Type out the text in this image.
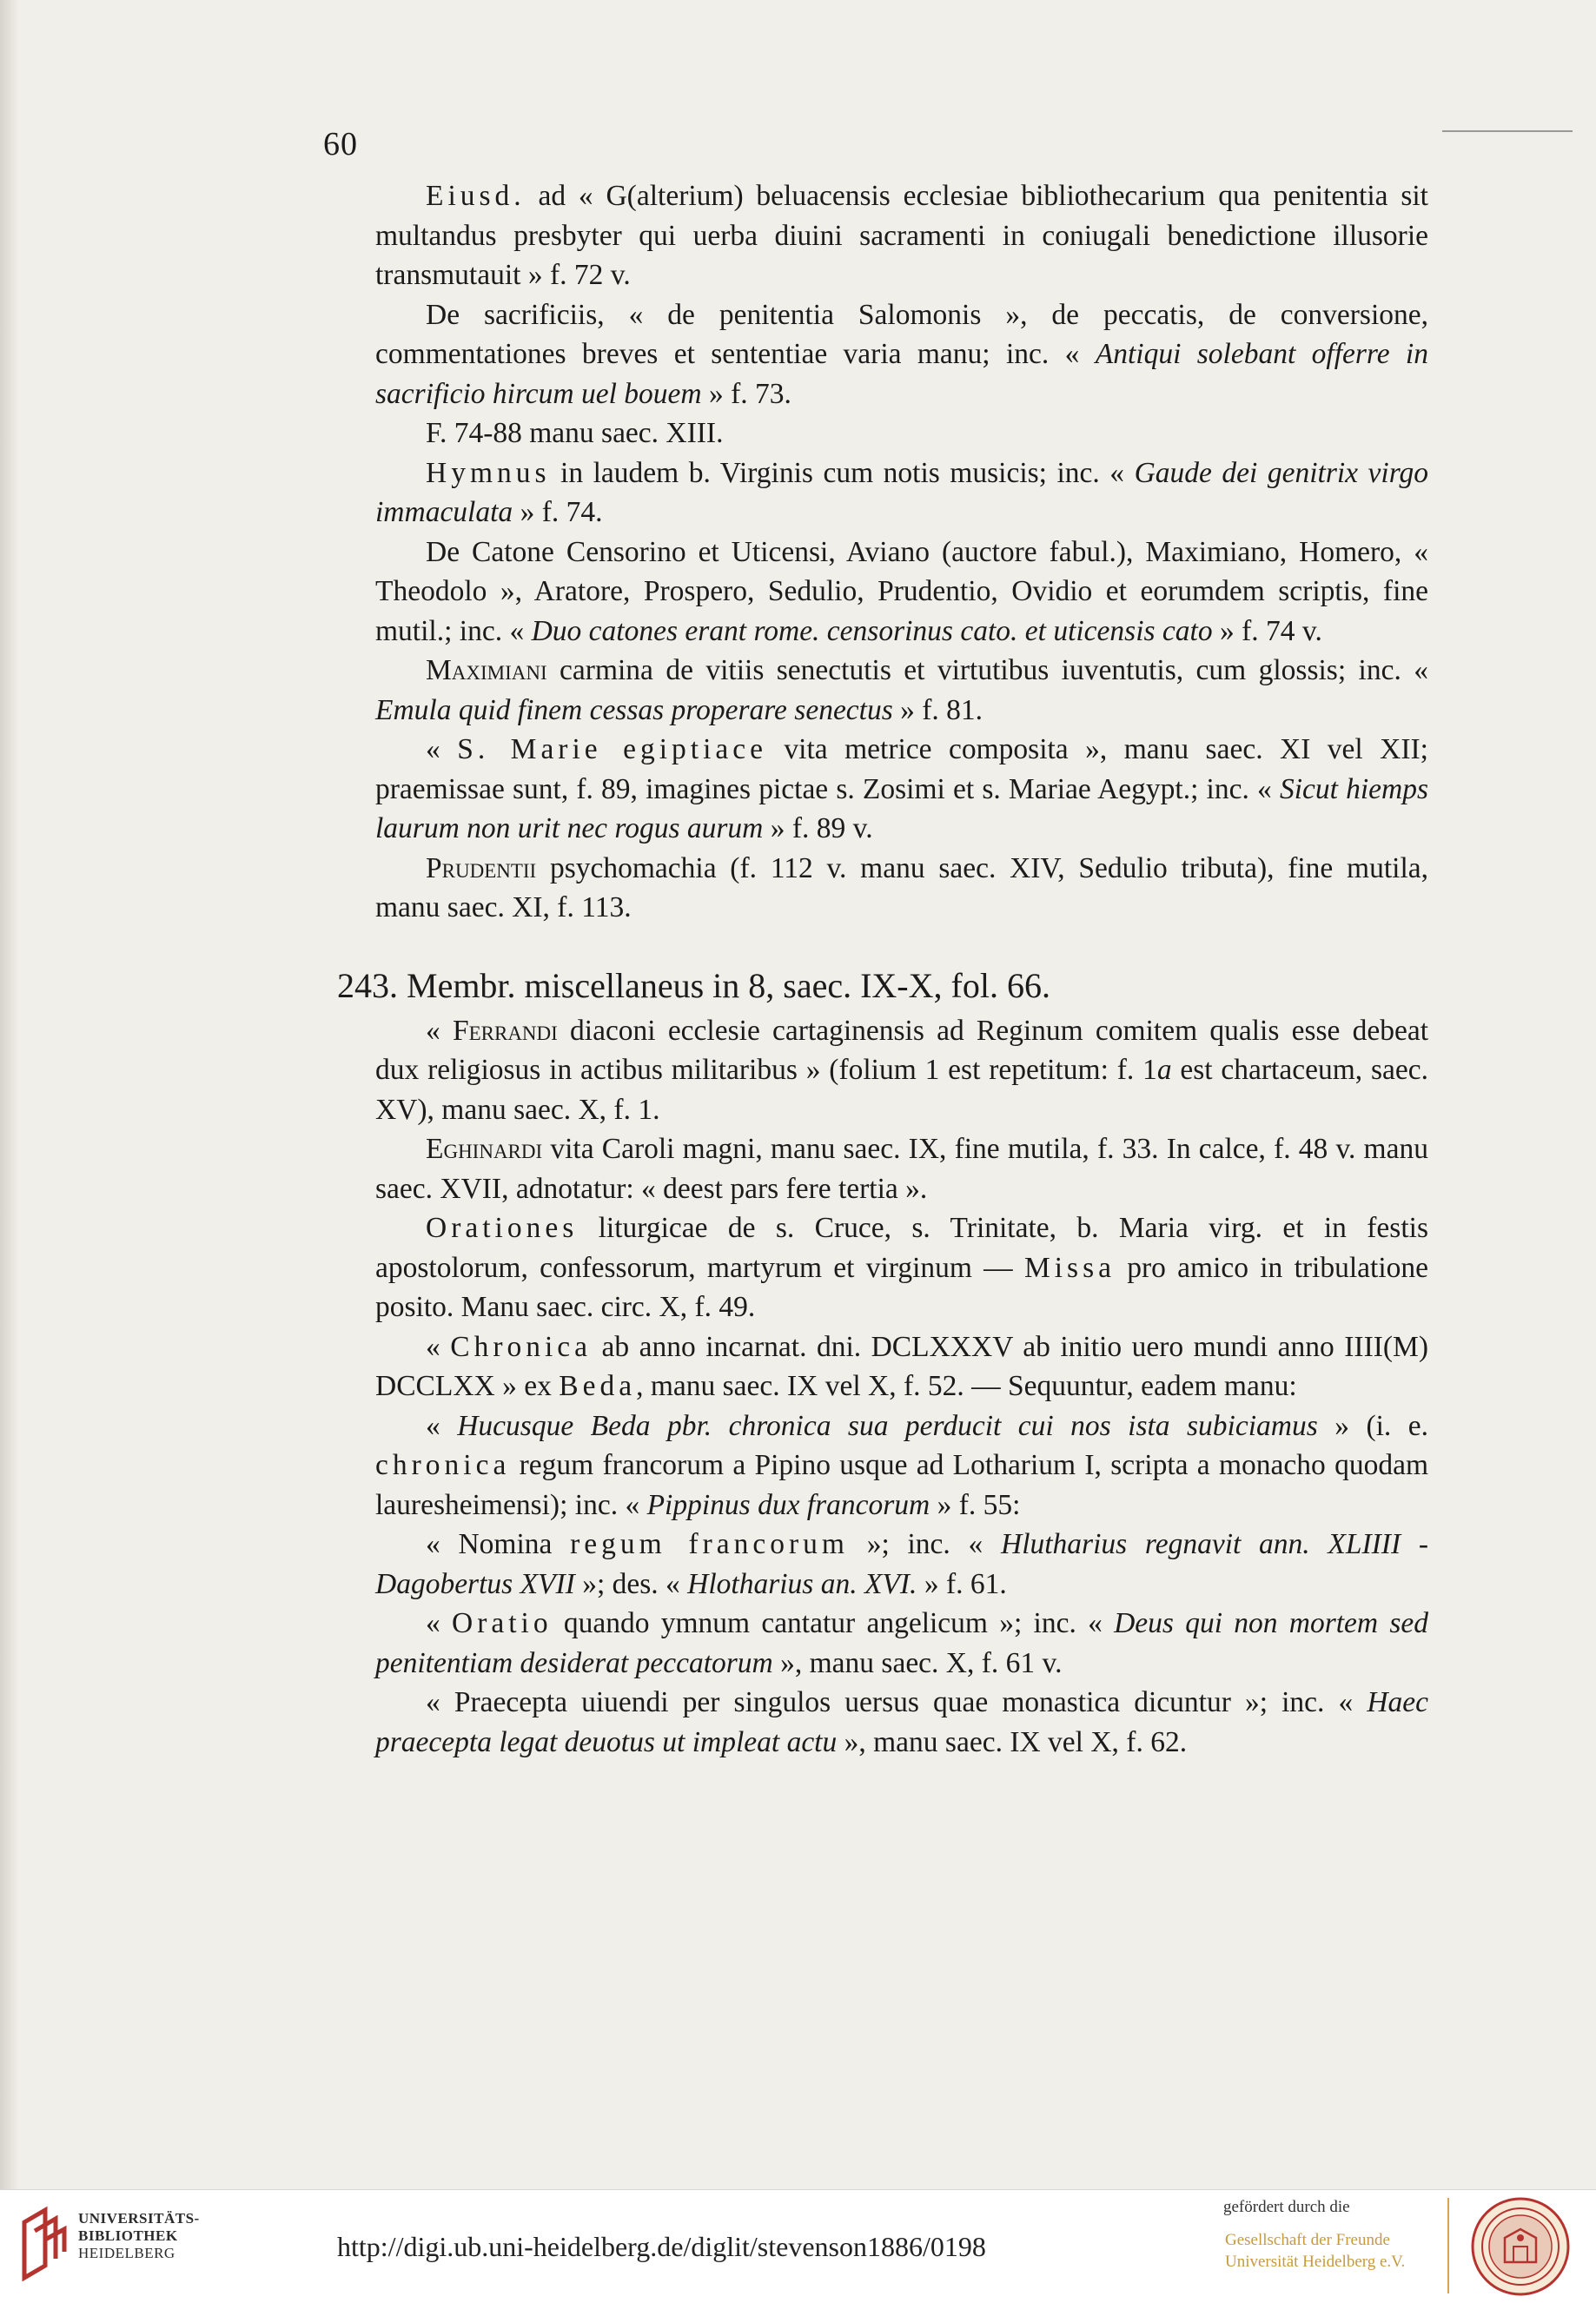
60

Eiusd. ad « G(alterium) beluacensis ecclesiae bibliothecarium qua penitentia sit multandus presbyter qui uerba diuini sacramenti in coniugali benedictione illusorie transmutauit » f. 72 v.

De sacrificiis, « de penitentia Salomonis », de peccatis, de conversione, commentationes breves et sententiae varia manu; inc. « Antiqui solebant offerre in sacrificio hircum uel bouem » f. 73.

F. 74-88 manu saec. XIII.

Hymnus in laudem b. Virginis cum notis musicis; inc. « Gaude dei genitrix virgo immaculata » f. 74.

De Catone Censorino et Uticensi, Aviano (auctore fabul.), Maximiano, Homero, « Theodolo », Aratore, Prospero, Sedulio, Prudentio, Ovidio et eorumdem scriptis, fine mutil.; inc. « Duo catones erant rome. censorinus cato. et uticensis cato » f. 74 v.

Maximiani carmina de vitiis senectutis et virtutibus iuventutis, cum glossis; inc. « Emula quid finem cessas properare senectus » f. 81.

« S. Marie egiptiace vita metrice composita », manu saec. XI vel XII; praemissae sunt, f. 89, imagines pictae s. Zosimi et s. Mariae Aegypt.; inc. « Sicut hiemps laurum non urit nec rogus aurum » f. 89 v.

Prudentii psychomachia (f. 112 v. manu saec. XIV, Sedulio tributa), fine mutila, manu saec. XI, f. 113.

243. Membr. miscellaneus in 8, saec. IX-X, fol. 66.

« Ferrandi diaconi ecclesie cartaginensis ad Reginum comitem qualis esse debeat dux religiosus in actibus militaribus » (folium 1 est repetitum: f. 1a est chartaceum, saec. XV), manu saec. X, f. 1.

Eghinardi vita Caroli magni, manu saec. IX, fine mutila, f. 33. In calce, f. 48 v. manu saec. XVII, adnotatur: « deest pars fere tertia ».

Orationes liturgicae de s. Cruce, s. Trinitate, b. Maria virg. et in festis apostolorum, confessorum, martyrum et virginum — Missa pro amico in tribulatione posito. Manu saec. circ. X, f. 49.

« Chronica ab anno incarnat. dni. DCLXXXV ab initio uero mundi anno IIII(M) DCCLXX » ex Beda, manu saec. IX vel X, f. 52. — Sequuntur, eadem manu:

« Hucusque Beda pbr. chronica sua perducit cui nos ista subiciamus » (i. e. chronica regum francorum a Pipino usque ad Lotharium I, scripta a monacho quodam lauresheimensi); inc. « Pippinus dux francorum » f. 55:

« Nomina regum francorum »; inc. « Hlutharius regnavit ann. XLIIII - Dagobertus XVII »; des. « Hlotharius an. XVI. » f. 61.

« Oratio quando ymnum cantatur angelicum »; inc. « Deus qui non mortem sed penitentiam desiderat peccatorum », manu saec. X, f. 61 v.

« Praecepta uiuendi per singulos uersus quae monastica dicuntur »; inc. « Haec praecepta legat deuotus ut impleat actu », manu saec. IX vel X, f. 62.

UNIVERSITÄTS-
BIBLIOTHEK
HEIDELBERG	http://digi.ub.uni-heidelberg.de/diglit/stevenson1886/0198
gefördert durch die
Gesellschaft der Freunde
Universität Heidelberg e.V.
